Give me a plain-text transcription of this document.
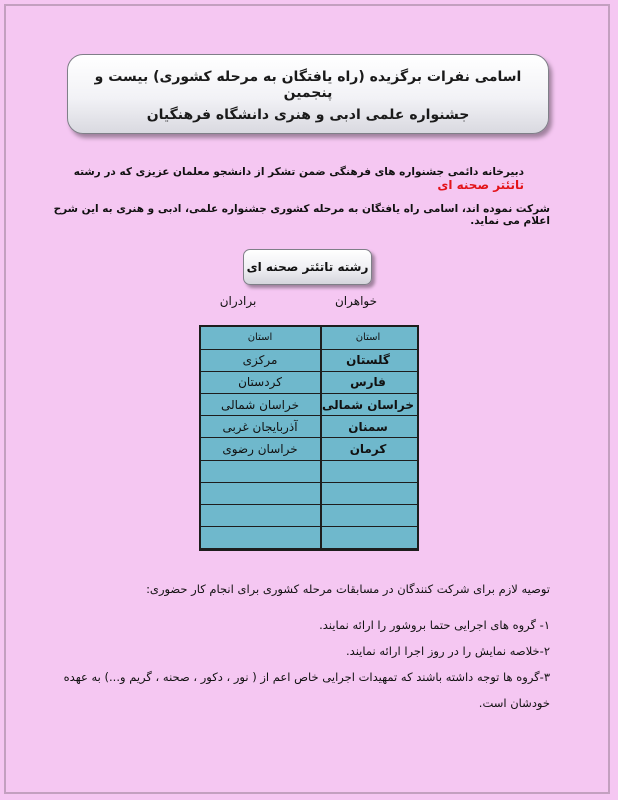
اسامی نفرات برگزیده (راه یافتگان به مرحله کشوری) بیست و پنجمین
جشنواره علمی ادبی و هنری دانشگاه فرهنگیان
دبیرخانه دائمی جشنواره های فرهنگی ضمن تشکر از دانشجو معلمان عزیزی که در رشته تاتئتر صحنه ای
شرکت نموده اند، اسامی راه یافتگان به مرحله کشوری جشنواره علمی، ادبی و هنری به این شرح اعلام می نماید.
رشته تاتئتر صحنه ای
خواهران
برادران
استان
استان
گلستان
مرکزی
فارس
کردستان
خراسان شمالی
خراسان شمالی
سمنان
آذربایجان غربی
کرمان
خراسان رضوی
توصیه لازم برای شرکت کنندگان در مسابقات مرحله کشوری برای انجام کار حضوری:
۱- گروه های اجرایی حتما بروشور را ارائه نمایند.
۲-خلاصه نمایش را در روز اجرا ارائه نمایند.
۳-گروه ها توجه داشته باشند که تمهیدات اجرایی خاص اعم از ( نور ، دکور ، صحنه ، گریم و...) به عهده
خودشان است.
